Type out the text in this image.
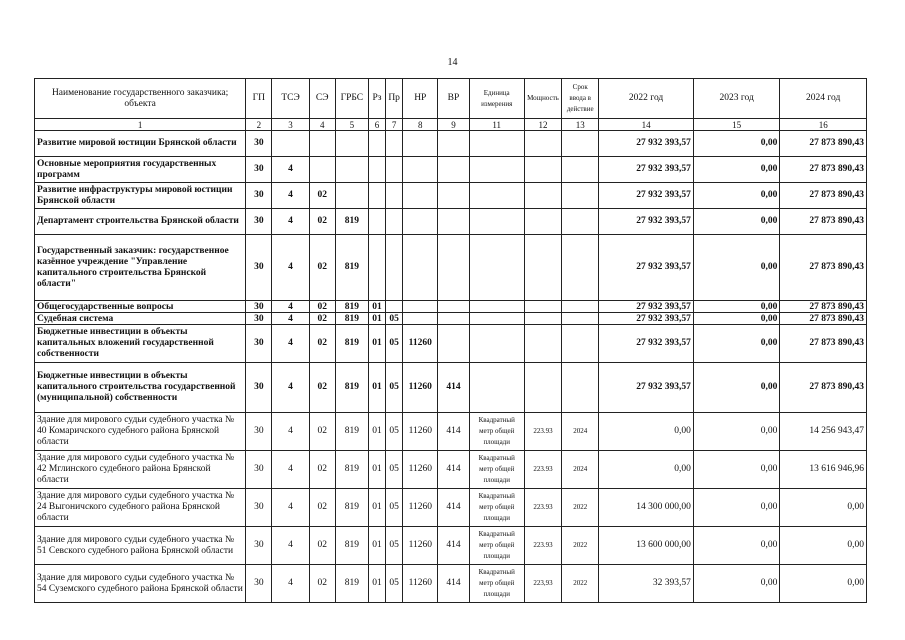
14
Наименование государственного заказчика; объекта	ГП	ТСЭ	СЭ	ГРБС	Рз	Пр	НР	ВР	Единица измерения	Мощность	Срок ввода в действие	2022 год	2023 год	2024 год
1	2	3	4	5	6	7	8	9	11	12	13	14	15	16
Развитие мировой юстиции Брянской области	30											27 932 393,57	0,00	27 873 890,43
Основные мероприятия государственных программ	30	4										27 932 393,57	0,00	27 873 890,43
Развитие инфраструктуры мировой юстиции Брянской области	30	4	02									27 932 393,57	0,00	27 873 890,43
Департамент строительства Брянской области	30	4	02	819								27 932 393,57	0,00	27 873 890,43
Государственный заказчик: государственное казённое учреждение "Управление капитального строительства Брянской области"	30	4	02	819								27 932 393,57	0,00	27 873 890,43
Общегосударственные вопросы	30	4	02	819	01							27 932 393,57	0,00	27 873 890,43
Судебная система	30	4	02	819	01	05						27 932 393,57	0,00	27 873 890,43
Бюджетные инвестиции в объекты капитальных вложений государственной собственности	30	4	02	819	01	05	11260					27 932 393,57	0,00	27 873 890,43
Бюджетные инвестиции в объекты капитального строительства государственной (муниципальной) собственности	30	4	02	819	01	05	11260	414				27 932 393,57	0,00	27 873 890,43
Здание для мирового судьи судебного участка № 40 Комаричского судебного района Брянской области	30	4	02	819	01	05	11260	414	Квадратный метр общей площади	223.93	2024	0,00	0,00	14 256 943,47
Здание для мирового судьи судебного участка № 42 Мглинского судебного района Брянской области	30	4	02	819	01	05	11260	414	Квадратный метр общей площади	223.93	2024	0,00	0,00	13 616 946,96
Здание для мирового судьи судебного участка № 24 Выгоничского судебного района Брянской области	30	4	02	819	01	05	11260	414	Квадратный метр общей площади	223.93	2022	14 300 000,00	0,00	0,00
Здание для мирового судьи судебного участка № 51 Севского судебного района Брянской области	30	4	02	819	01	05	11260	414	Квадратный метр общей площади	223.93	2022	13 600 000,00	0,00	0,00
Здание для мирового судьи судебного участка № 54 Суземского судебного района Брянской области	30	4	02	819	01	05	11260	414	Квадратный метр общей площади	223,93	2022	32 393,57	0,00	0,00
